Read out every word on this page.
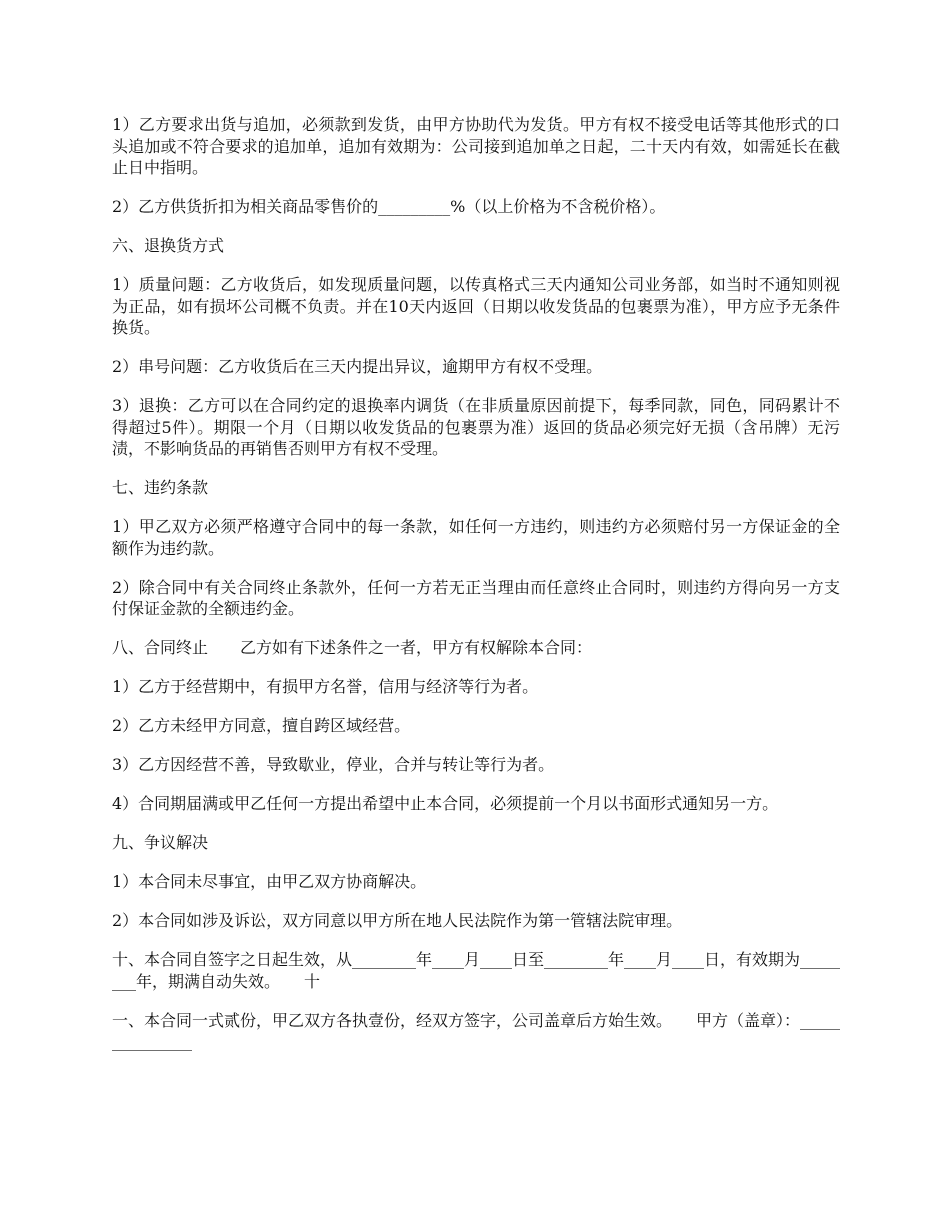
1）乙方要求出货与追加，必须款到发货，由甲方协助代为发货。甲方有权不接受电话等其他形式的口头追加或不符合要求的追加单，追加有效期为：公司接到追加单之日起，二十天内有效，如需延长在截止日中指明。

2）乙方供货折扣为相关商品零售价的_________%（以上价格为不含税价格）。

六、退换货方式

1）质量问题：乙方收货后，如发现质量问题，以传真格式三天内通知公司业务部，如当时不通知则视为正品，如有损坏公司概不负责。并在10天内返回（日期以收发货品的包裹票为准），甲方应予无条件换货。

2）串号问题：乙方收货后在三天内提出异议，逾期甲方有权不受理。

3）退换：乙方可以在合同约定的退换率内调货（在非质量原因前提下，每季同款，同色，同码累计不得超过5件）。期限一个月（日期以收发货品的包裹票为准）返回的货品必须完好无损（含吊牌）无污渍，不影响货品的再销售否则甲方有权不受理。

七、违约条款

1）甲乙双方必须严格遵守合同中的每一条款，如任何一方违约，则违约方必须赔付另一方保证金的全额作为违约款。

2）除合同中有关合同终止条款外，任何一方若无正当理由而任意终止合同时，则违约方得向另一方支付保证金款的全额违约金。

八、合同终止　　乙方如有下述条件之一者，甲方有权解除本合同：

1）乙方于经营期中，有损甲方名誉，信用与经济等行为者。

2）乙方未经甲方同意，擅自跨区域经营。

3）乙方因经营不善，导致歇业，停业，合并与转让等行为者。

4）合同期届满或甲乙任何一方提出希望中止本合同，必须提前一个月以书面形式通知另一方。

九、争议解决

1）本合同未尽事宜，由甲乙双方协商解决。

2）本合同如涉及诉讼，双方同意以甲方所在地人民法院作为第一管辖法院审理。

十、本合同自签字之日起生效，从________年____月____日至________年____月____日，有效期为________年，期满自动失效。　　十

一、本合同一式贰份，甲乙双方各执壹份，经双方签字，公司盖章后方始生效。　　甲方（盖章）：_______________
